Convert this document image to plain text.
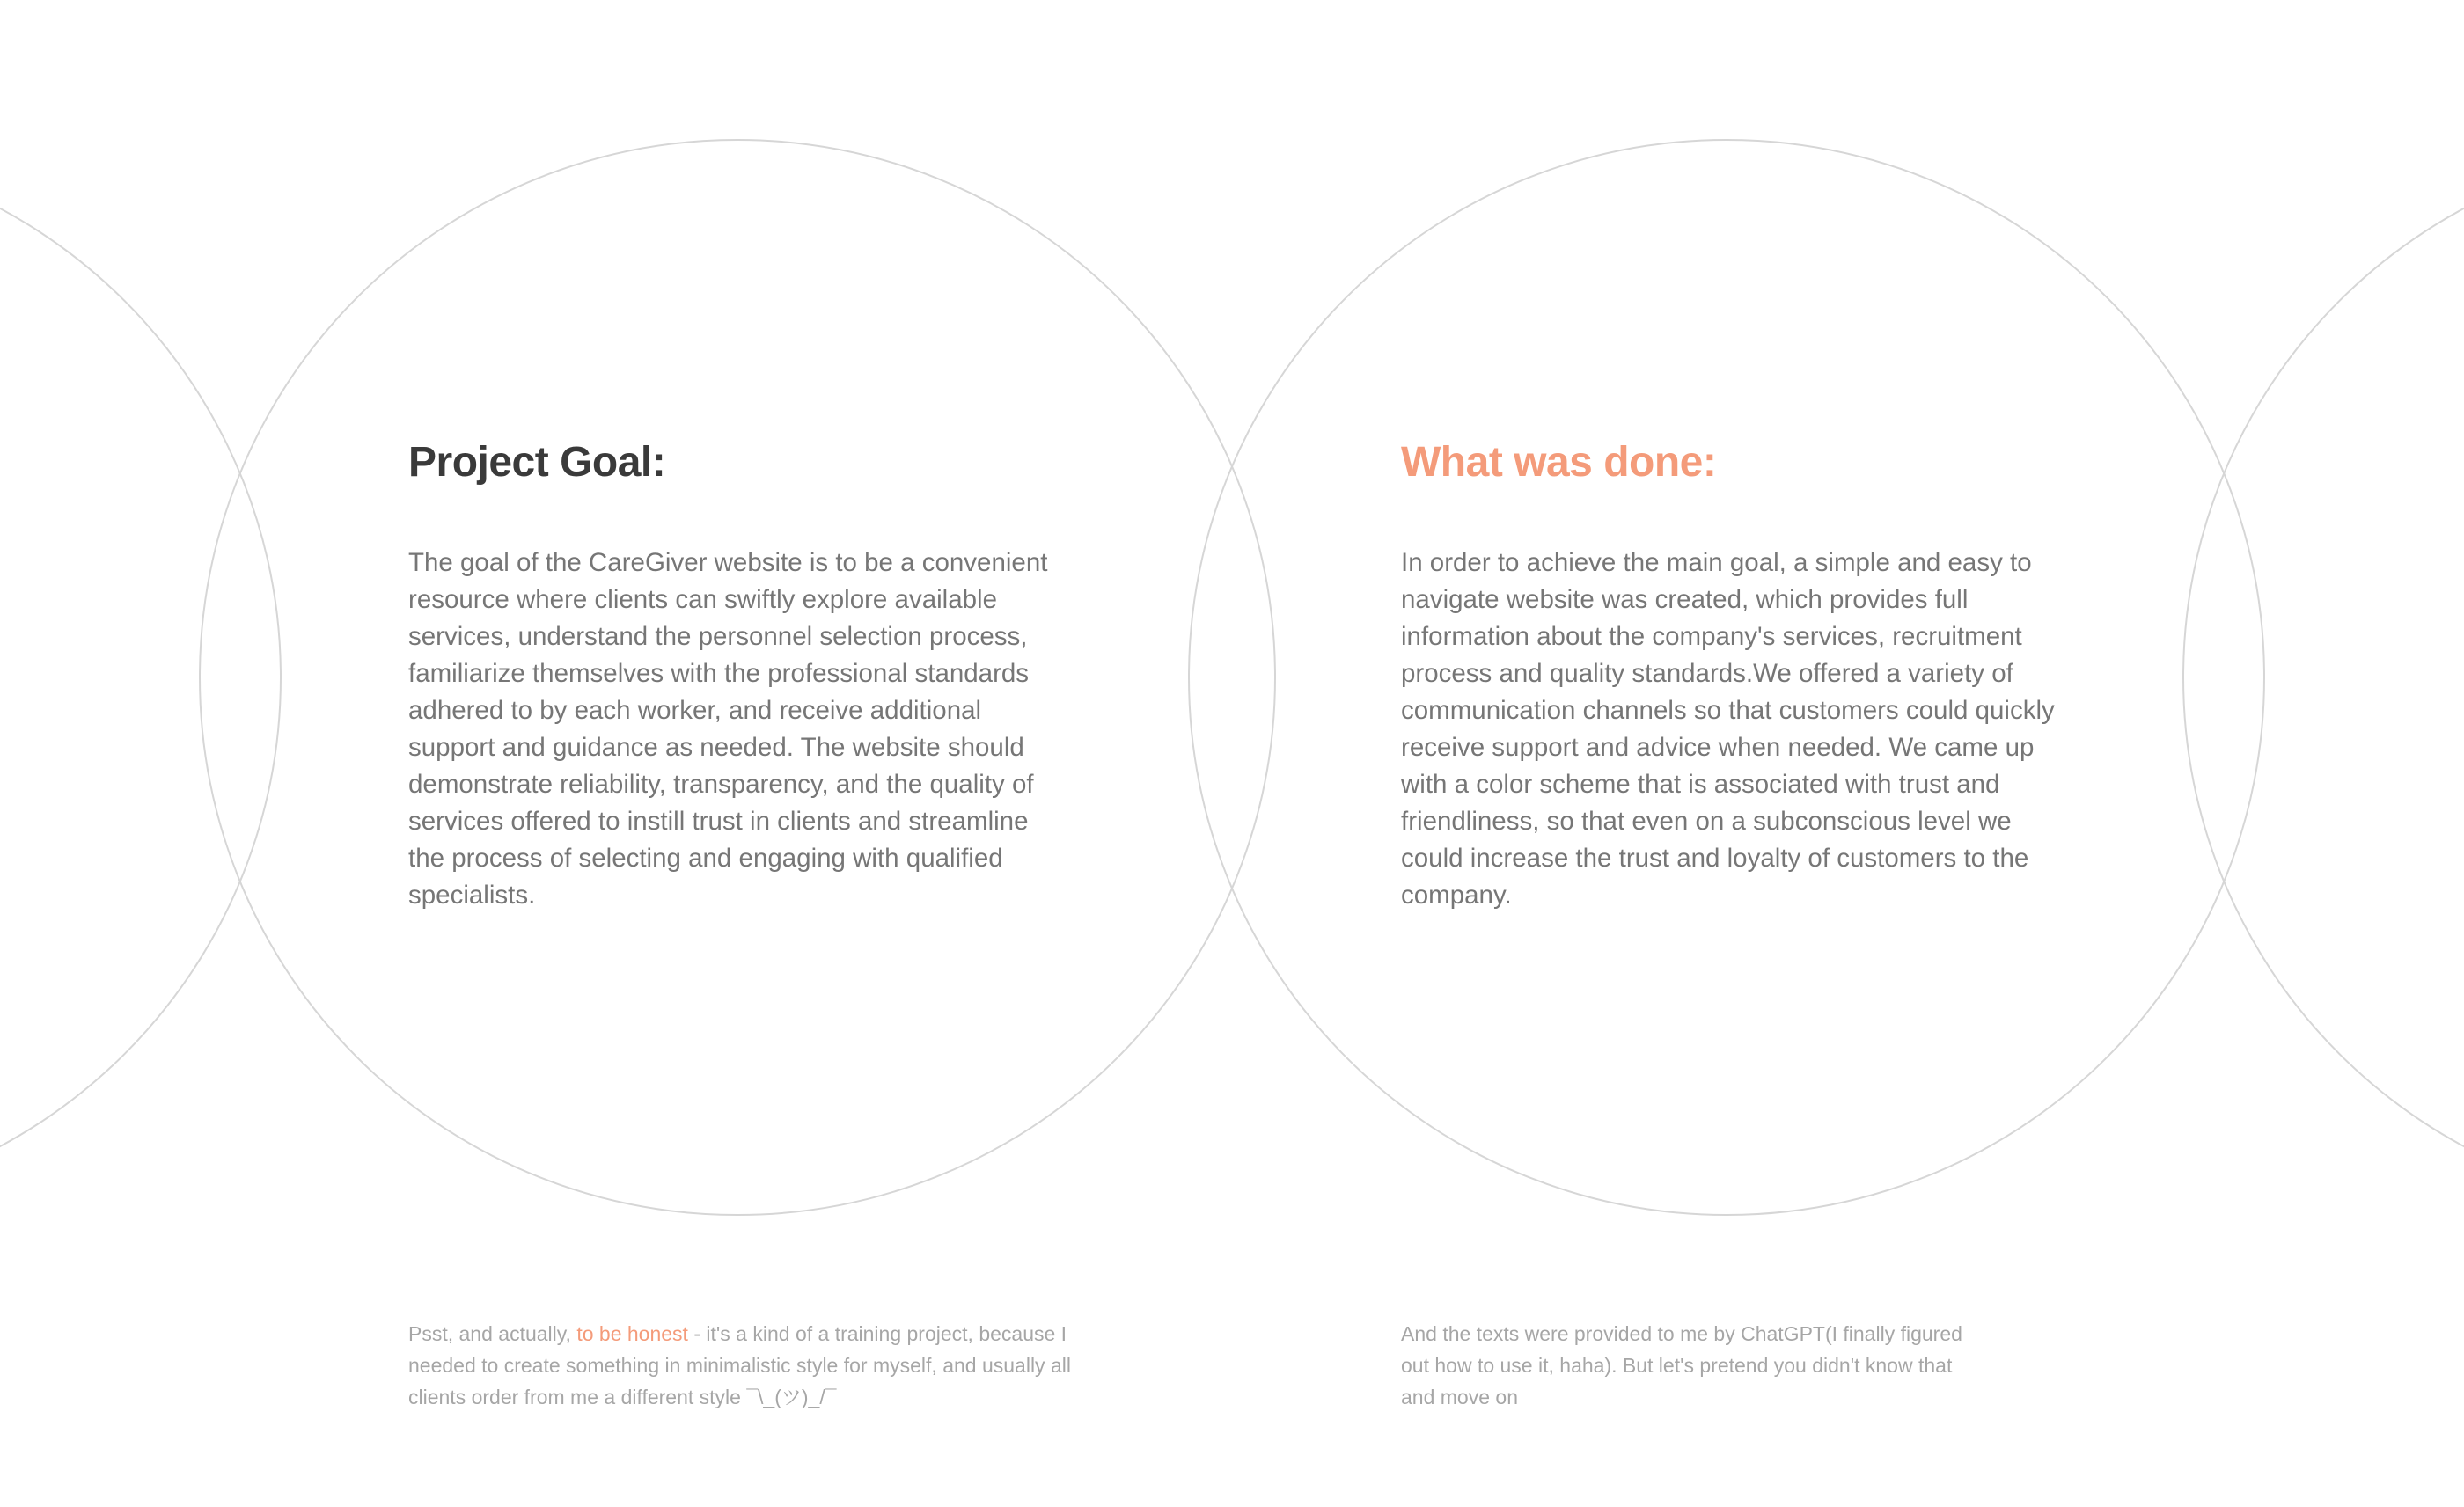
Project Goal:

The goal of the CareGiver website is to be a convenient resource where clients can swiftly explore available services, understand the personnel selection process, familiarize themselves with the professional standards adhered to by each worker, and receive additional support and guidance as needed. The website should demonstrate reliability, transparency, and the quality of services offered to instill trust in clients and streamline the process of selecting and engaging with qualified specialists.

Psst, and actually, to be honest - it's a kind of a training project, because I needed to create something in minimalistic style for myself, and usually all clients order from me a different style ¯\_(ツ)_/¯

What was done:

In order to achieve the main goal, a simple and easy to navigate website was created, which provides full information about the company's services, recruitment process and quality standards.We offered a variety of communication channels so that customers could quickly receive support and advice when needed. We came up with a color scheme that is associated with trust and friendliness, so that even on a subconscious level we could increase the trust and loyalty of customers to the company.

And the texts were provided to me by ChatGPT(I finally figured out how to use it, haha). But let's pretend you didn't know that and move on
